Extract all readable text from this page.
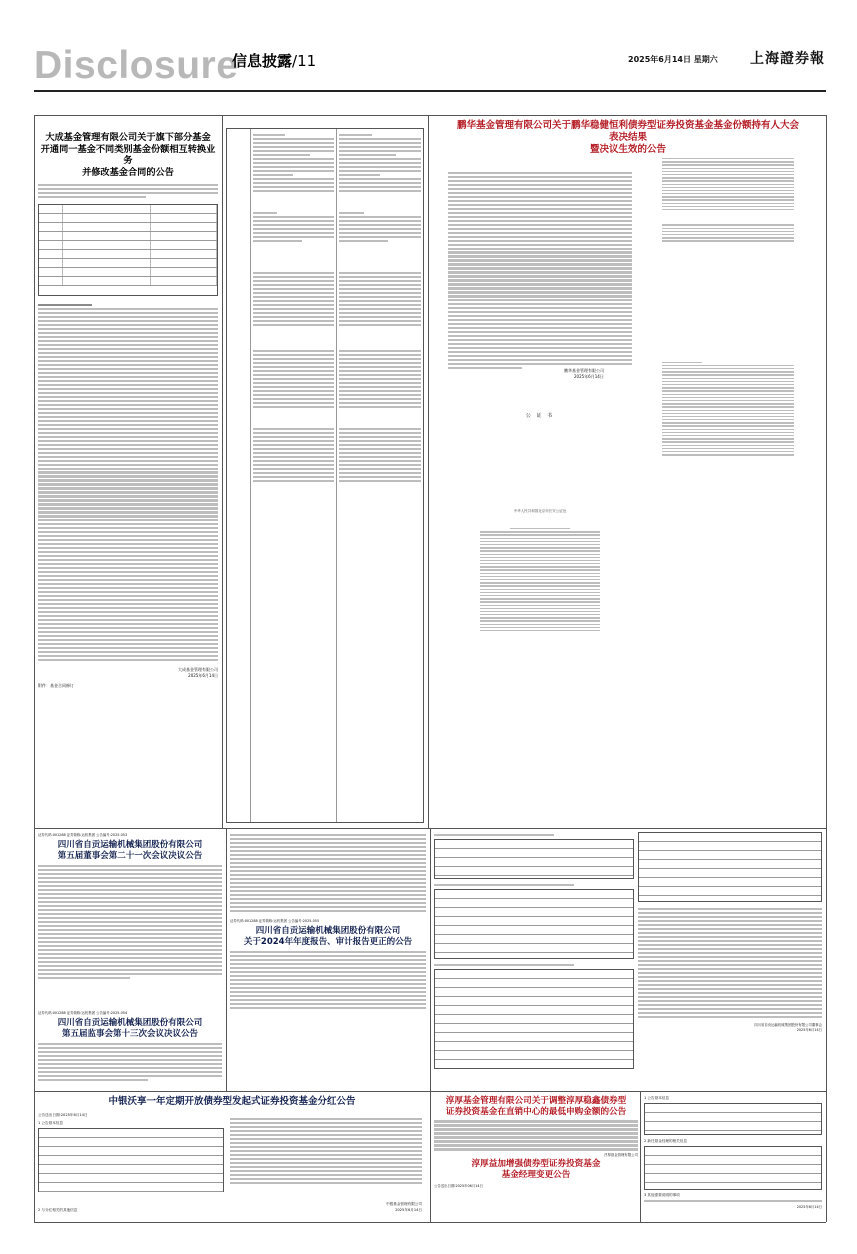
Disclosure
信息披露/11	2025年6月14日 星期六 上海證券報
大成基金管理有限公司关于旗下部分基金
开通同一基金不同类别基金份额相互转换业务
并修改基金合同的公告
大成基金管理有限公司
2025年6月14日
附件：基金合同修订
鹏华基金管理有限公司关于鹏华稳健恒利债券型证券投资基金基金份额持有人大会表决结果
暨决议生效的公告
鹏华基金管理有限公司
2025年6月14日
公 证 书
中华人民共和国北京市长安公证处
证券代码:001288 证券简称:运机集团 公告编号:2025-053
四川省自贡运输机械集团股份有限公司
第五届董事会第二十一次会议决议公告
证券代码:001288 证券简称:运机集团 公告编号:2025-054
四川省自贡运输机械集团股份有限公司
第五届监事会第十三次会议决议公告
证券代码:001288 证券简称:运机集团 公告编号:2025-055
四川省自贡运输机械集团股份有限公司
关于2024年年度报告、审计报告更正的公告
四川省自贡运输机械集团股份有限公司董事会
2025年6月14日
中银沃享一年定期开放债券型发起式证券投资基金分红公告
公告送出日期:2025年6月14日
1 公告基本信息
2 与分红相关的其他信息
中银基金管理有限公司
2025年6月14日
淳厚基金管理有限公司关于调整淳厚稳鑫债券型
证券投资基金在直销中心的最低申购金额的公告
淳厚基金管理有限公司
淳厚益加增强债券型证券投资基金
基金经理变更公告
公告送出日期:2025年06月14日
1 公告基本信息
2 新任基金经理的相关信息
3 其他需要说明的事项
2025年6月14日
